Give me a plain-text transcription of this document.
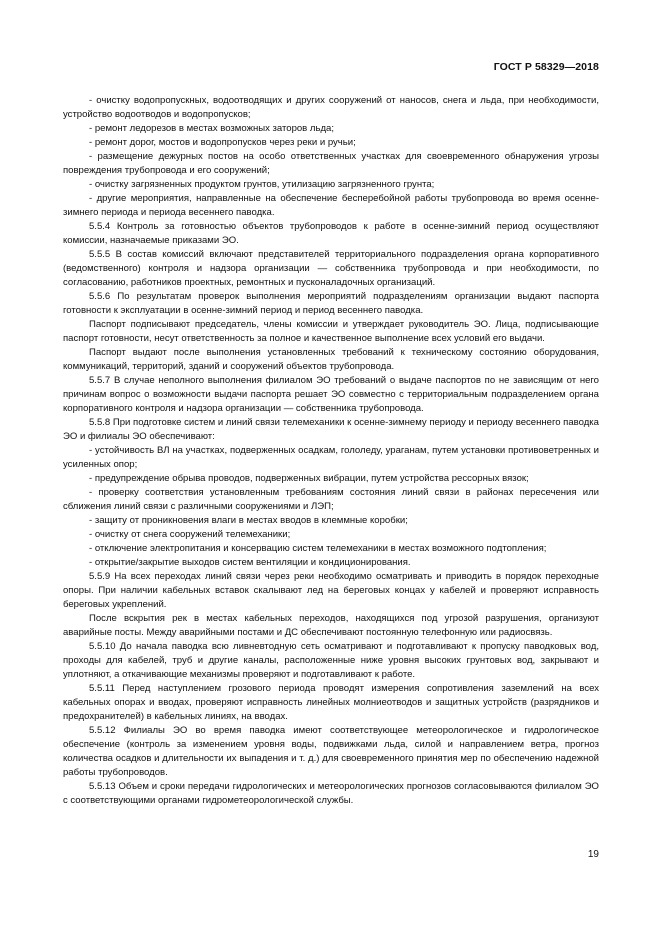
ГОСТ Р 58329—2018

- очистку водопропускных, водоотводящих и других сооружений от наносов, снега и льда, при необходимости, устройство водоотводов и водопропусков;

- ремонт ледорезов в местах возможных заторов льда;

- ремонт дорог, мостов и водопропусков через реки и ручьи;

- размещение дежурных постов на особо ответственных участках для своевременного обнаружения угрозы повреждения трубопровода и его сооружений;

- очистку загрязненных продуктом грунтов, утилизацию загрязненного грунта;

- другие мероприятия, направленные на обеспечение бесперебойной работы трубопровода во время осенне-зимнего периода и периода весеннего паводка.

5.5.4 Контроль за готовностью объектов трубопроводов к работе в осенне-зимний период осуществляют комиссии, назначаемые приказами ЭО.

5.5.5 В состав комиссий включают представителей территориального подразделения органа корпоративного (ведомственного) контроля и надзора организации — собственника трубопровода и при необходимости, по согласованию, работников проектных, ремонтных и пусконаладочных организаций.

5.5.6 По результатам проверок выполнения мероприятий подразделениям организации выдают паспорта готовности к эксплуатации в осенне-зимний период и период весеннего паводка.

Паспорт подписывают председатель, члены комиссии и утверждает руководитель ЭО. Лица, подписывающие паспорт готовности, несут ответственность за полное и качественное выполнение всех условий его выдачи.

Паспорт выдают после выполнения установленных требований к техническому состоянию оборудования, коммуникаций, территорий, зданий и сооружений объектов трубопровода.

5.5.7 В случае неполного выполнения филиалом ЭО требований о выдаче паспортов по не зависящим от него причинам вопрос о возможности выдачи паспорта решает ЭО совместно с территориальным подразделением органа корпоративного контроля и надзора организации — собственника трубопровода.

5.5.8 При подготовке систем и линий связи телемеханики к осенне-зимнему периоду и периоду весеннего паводка ЭО и филиалы ЭО обеспечивают:

- устойчивость ВЛ на участках, подверженных осадкам, гололеду, ураганам, путем установки противоветренных и усиленных опор;

- предупреждение обрыва проводов, подверженных вибрации, путем устройства рессорных вязок;

- проверку соответствия установленным требованиям состояния линий связи в районах пересечения или сближения линий связи с различными сооружениями и ЛЭП;

- защиту от проникновения влаги в местах вводов в клеммные коробки;

- очистку от снега сооружений телемеханики;

- отключение электропитания и консервацию систем телемеханики в местах возможного подтопления;

- открытие/закрытие выходов систем вентиляции и кондиционирования.

5.5.9 На всех переходах линий связи через реки необходимо осматривать и приводить в порядок переходные опоры. При наличии кабельных вставок скалывают лед на береговых концах у кабелей и проверяют исправность береговых укреплений.

После вскрытия рек в местах кабельных переходов, находящихся под угрозой разрушения, организуют аварийные посты. Между аварийными постами и ДС обеспечивают постоянную телефонную или радиосвязь.

5.5.10 До начала паводка всю ливневтодную сеть осматривают и подготавливают к пропуску паводковых вод, проходы для кабелей, труб и другие каналы, расположенные ниже уровня высоких грунтовых вод, закрывают и уплотняют, а откачивающие механизмы проверяют и подготавливают к работе.

5.5.11 Перед наступлением грозового периода проводят измерения сопротивления заземлений на всех кабельных опорах и вводах, проверяют исправность линейных молниеотводов и защитных устройств (разрядников и предохранителей) в кабельных линиях, на вводах.

5.5.12 Филиалы ЭО во время паводка имеют соответствующее метеорологическое и гидрологическое обеспечение (контроль за изменением уровня воды, подвижками льда, силой и направлением ветра, прогноз количества осадков и длительности их выпадения и т. д.) для своевременного принятия мер по обеспечению надежной работы трубопроводов.

5.5.13 Объем и сроки передачи гидрологических и метеорологических прогнозов согласовываются филиалом ЭО с соответствующими органами гидрометеорологической службы.

19
